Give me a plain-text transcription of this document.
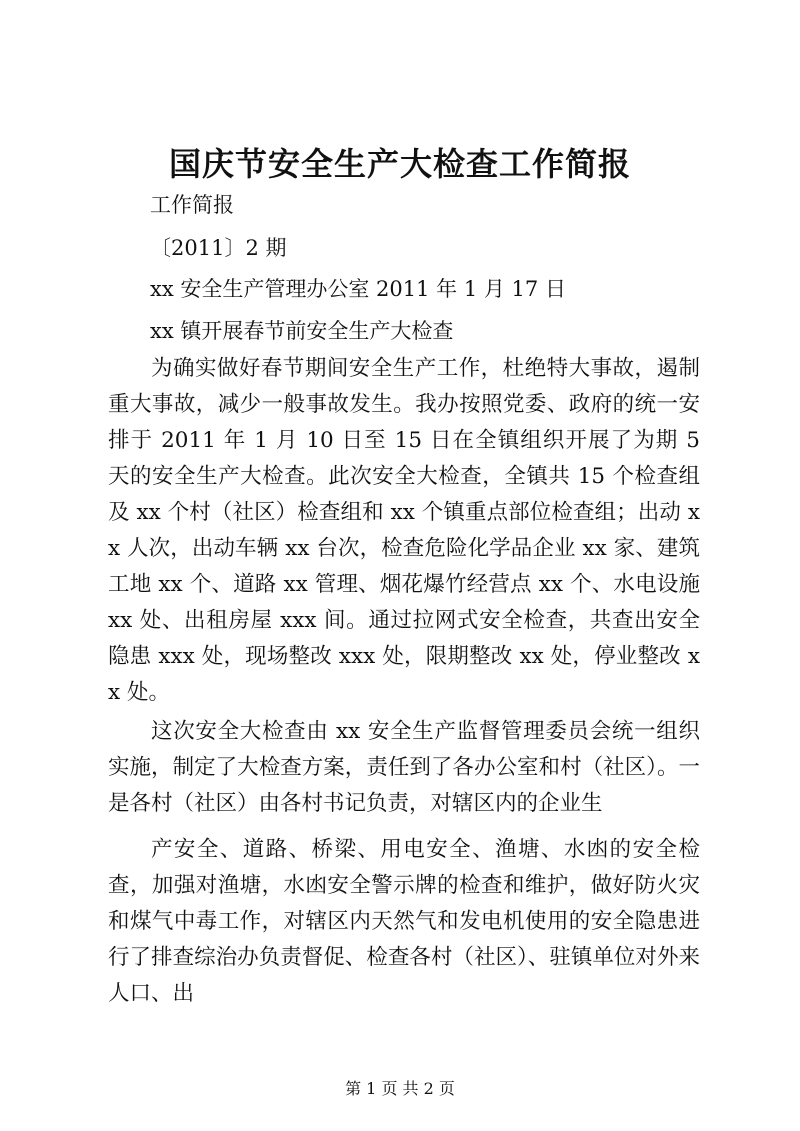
国庆节安全生产大检查工作简报
工作简报
〔2011〕2 期
xx 安全生产管理办公室 2011 年 1 月 17 日
xx 镇开展春节前安全生产大检查
为确实做好春节期间安全生产工作，杜绝特大事故，遏制重大事故，减少一般事故发生。我办按照党委、政府的统一安排于 2011 年 1 月 10 日至 15 日在全镇组织开展了为期 5 天的安全生产大检查。此次安全大检查，全镇共 15 个检查组及 xx 个村（社区）检查组和 xx 个镇重点部位检查组；出动 xx 人次，出动车辆 xx 台次，检查危险化学品企业 xx 家、建筑工地 xx 个、道路 xx 管理、烟花爆竹经营点 xx 个、水电设施 xx 处、出租房屋 xxx 间。通过拉网式安全检查，共查出安全隐患 xxx 处，现场整改 xxx 处，限期整改 xx 处，停业整改 xx 处。
这次安全大检查由 xx 安全生产监督管理委员会统一组织实施，制定了大检查方案，责任到了各办公室和村（社区）。一是各村（社区）由各村书记负责，对辖区内的企业生
产安全、道路、桥梁、用电安全、渔塘、水凼的安全检查，加强对渔塘，水凼安全警示牌的检查和维护，做好防火灾和煤气中毒工作，对辖区内天然气和发电机使用的安全隐患进行了排查综治办负责督促、检查各村（社区）、驻镇单位对外来人口、出
第 1 页 共 2 页
